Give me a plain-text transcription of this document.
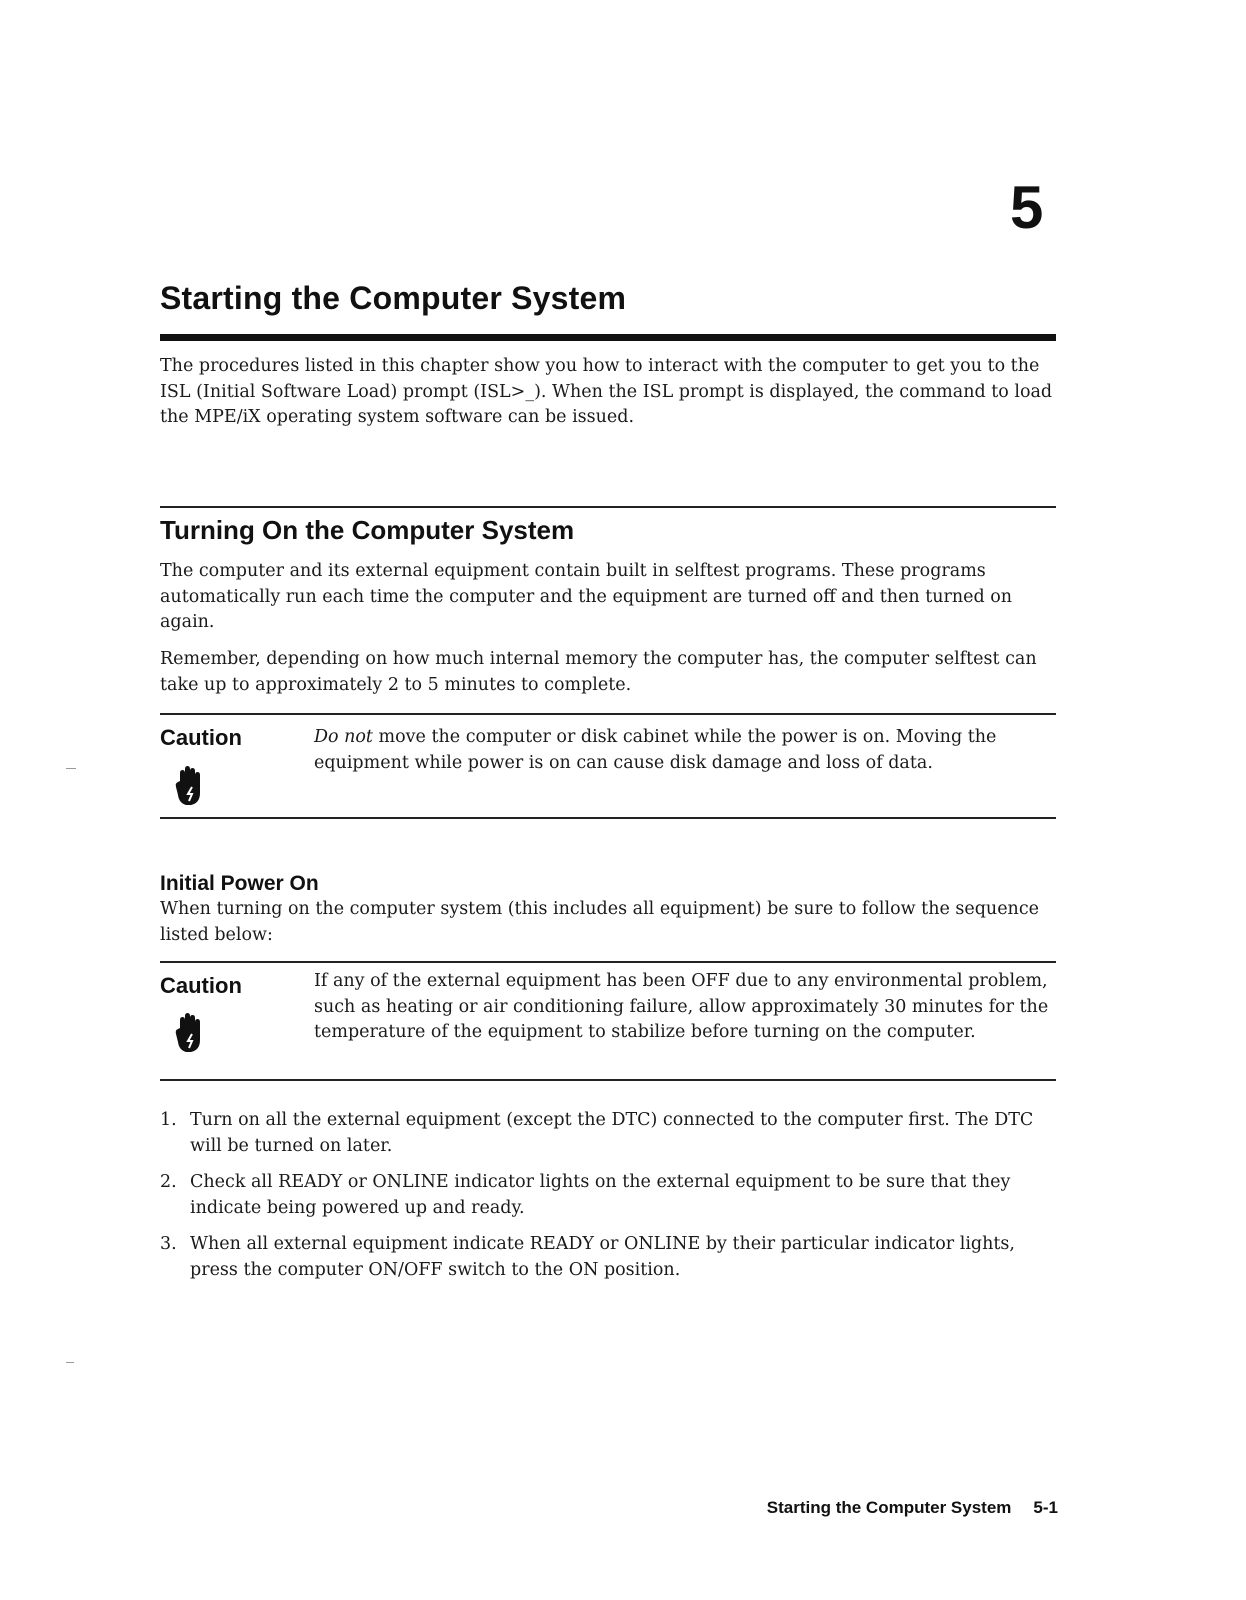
5
Starting the Computer System

The procedures listed in this chapter show you how to interact with the computer to get you to the ISL (Initial Software Load) prompt (ISL>_). When the ISL prompt is displayed, the command to load the MPE/iX operating system software can be issued.

Turning On the Computer System

The computer and its external equipment contain built in selftest programs. These programs automatically run each time the computer and the equipment are turned off and then turned on again.

Remember, depending on how much internal memory the computer has, the computer selftest can take up to approximately 2 to 5 minutes to complete.

Caution	Do not move the computer or disk cabinet while the power is on. Moving the equipment while power is on can cause disk damage and loss of data.

Initial Power On

When turning on the computer system (this includes all equipment) be sure to follow the sequence listed below:

Caution	If any of the external equipment has been OFF due to any environmental problem, such as heating or air conditioning failure, allow approximately 30 minutes for the temperature of the equipment to stabilize before turning on the computer.

1. Turn on all the external equipment (except the DTC) connected to the computer first. The DTC will be turned on later.
2. Check all READY or ONLINE indicator lights on the external equipment to be sure that they indicate being powered up and ready.
3. When all external equipment indicate READY or ONLINE by their particular indicator lights, press the computer ON/OFF switch to the ON position.
Starting the Computer System 5-1
